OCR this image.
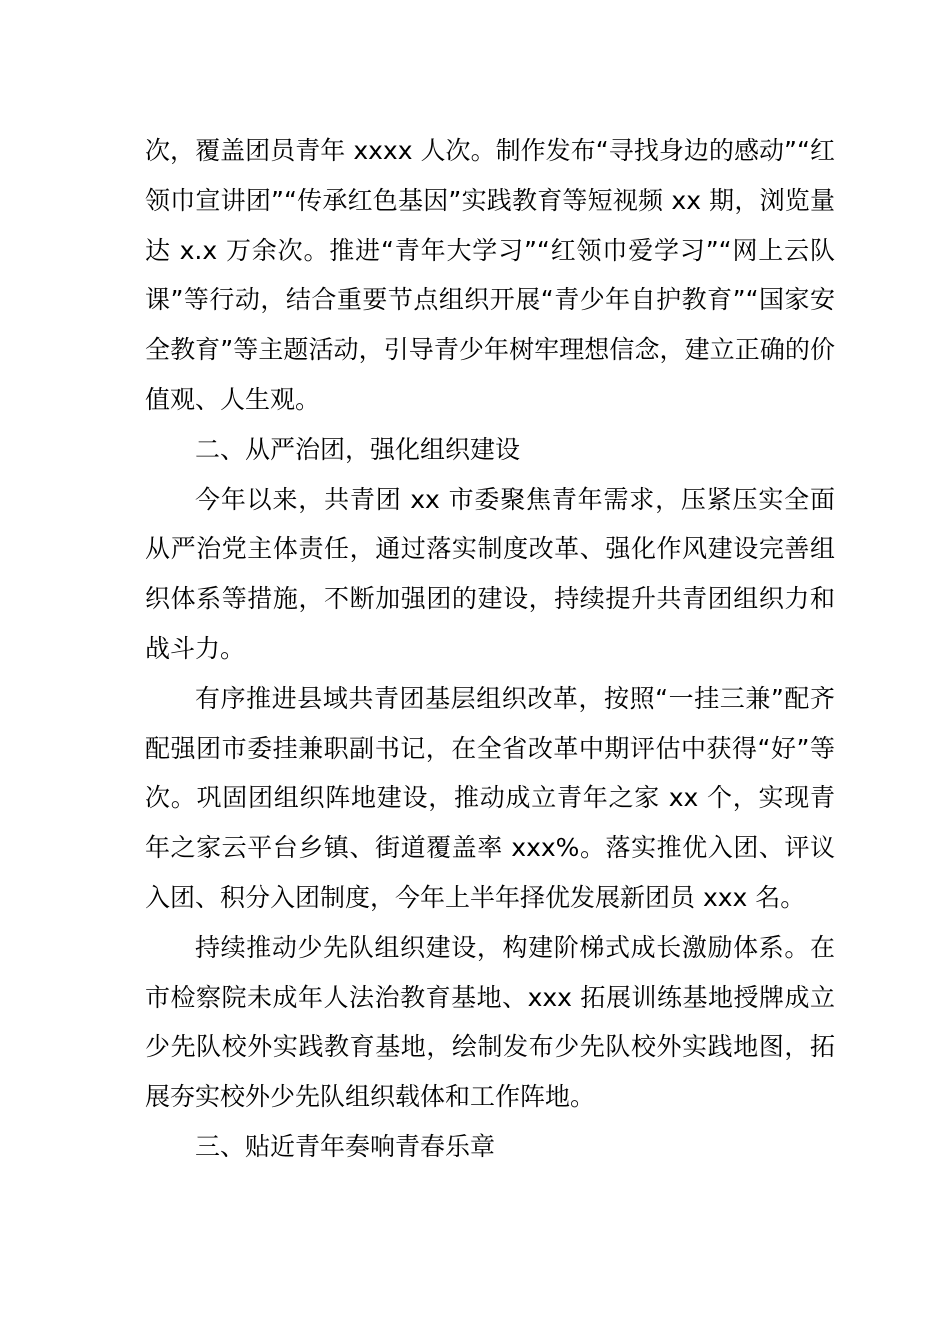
次，覆盖团员青年 xxxx 人次。制作发布“寻找身边的感动”“红领巾宣讲团”“传承红色基因”实践教育等短视频 xx 期，浏览量达 x.x 万余次。推进“青年大学习”“红领巾爱学习”“网上云队课”等行动，结合重要节点组织开展“青少年自护教育”“国家安全教育”等主题活动，引导青少年树牢理想信念，建立正确的价值观、人生观。

二、从严治团，强化组织建设

今年以来，共青团 xx 市委聚焦青年需求，压紧压实全面从严治党主体责任，通过落实制度改革、强化作风建设完善组织体系等措施，不断加强团的建设，持续提升共青团组织力和战斗力。

有序推进县域共青团基层组织改革，按照“一挂三兼”配齐配强团市委挂兼职副书记，在全省改革中期评估中获得“好”等次。巩固团组织阵地建设，推动成立青年之家 xx 个，实现青年之家云平台乡镇、街道覆盖率 xxx%。落实推优入团、评议入团、积分入团制度，今年上半年择优发展新团员 xxx 名。

持续推动少先队组织建设，构建阶梯式成长激励体系。在市检察院未成年人法治教育基地、xxx 拓展训练基地授牌成立少先队校外实践教育基地，绘制发布少先队校外实践地图，拓展夯实校外少先队组织载体和工作阵地。

三、贴近青年奏响青春乐章
